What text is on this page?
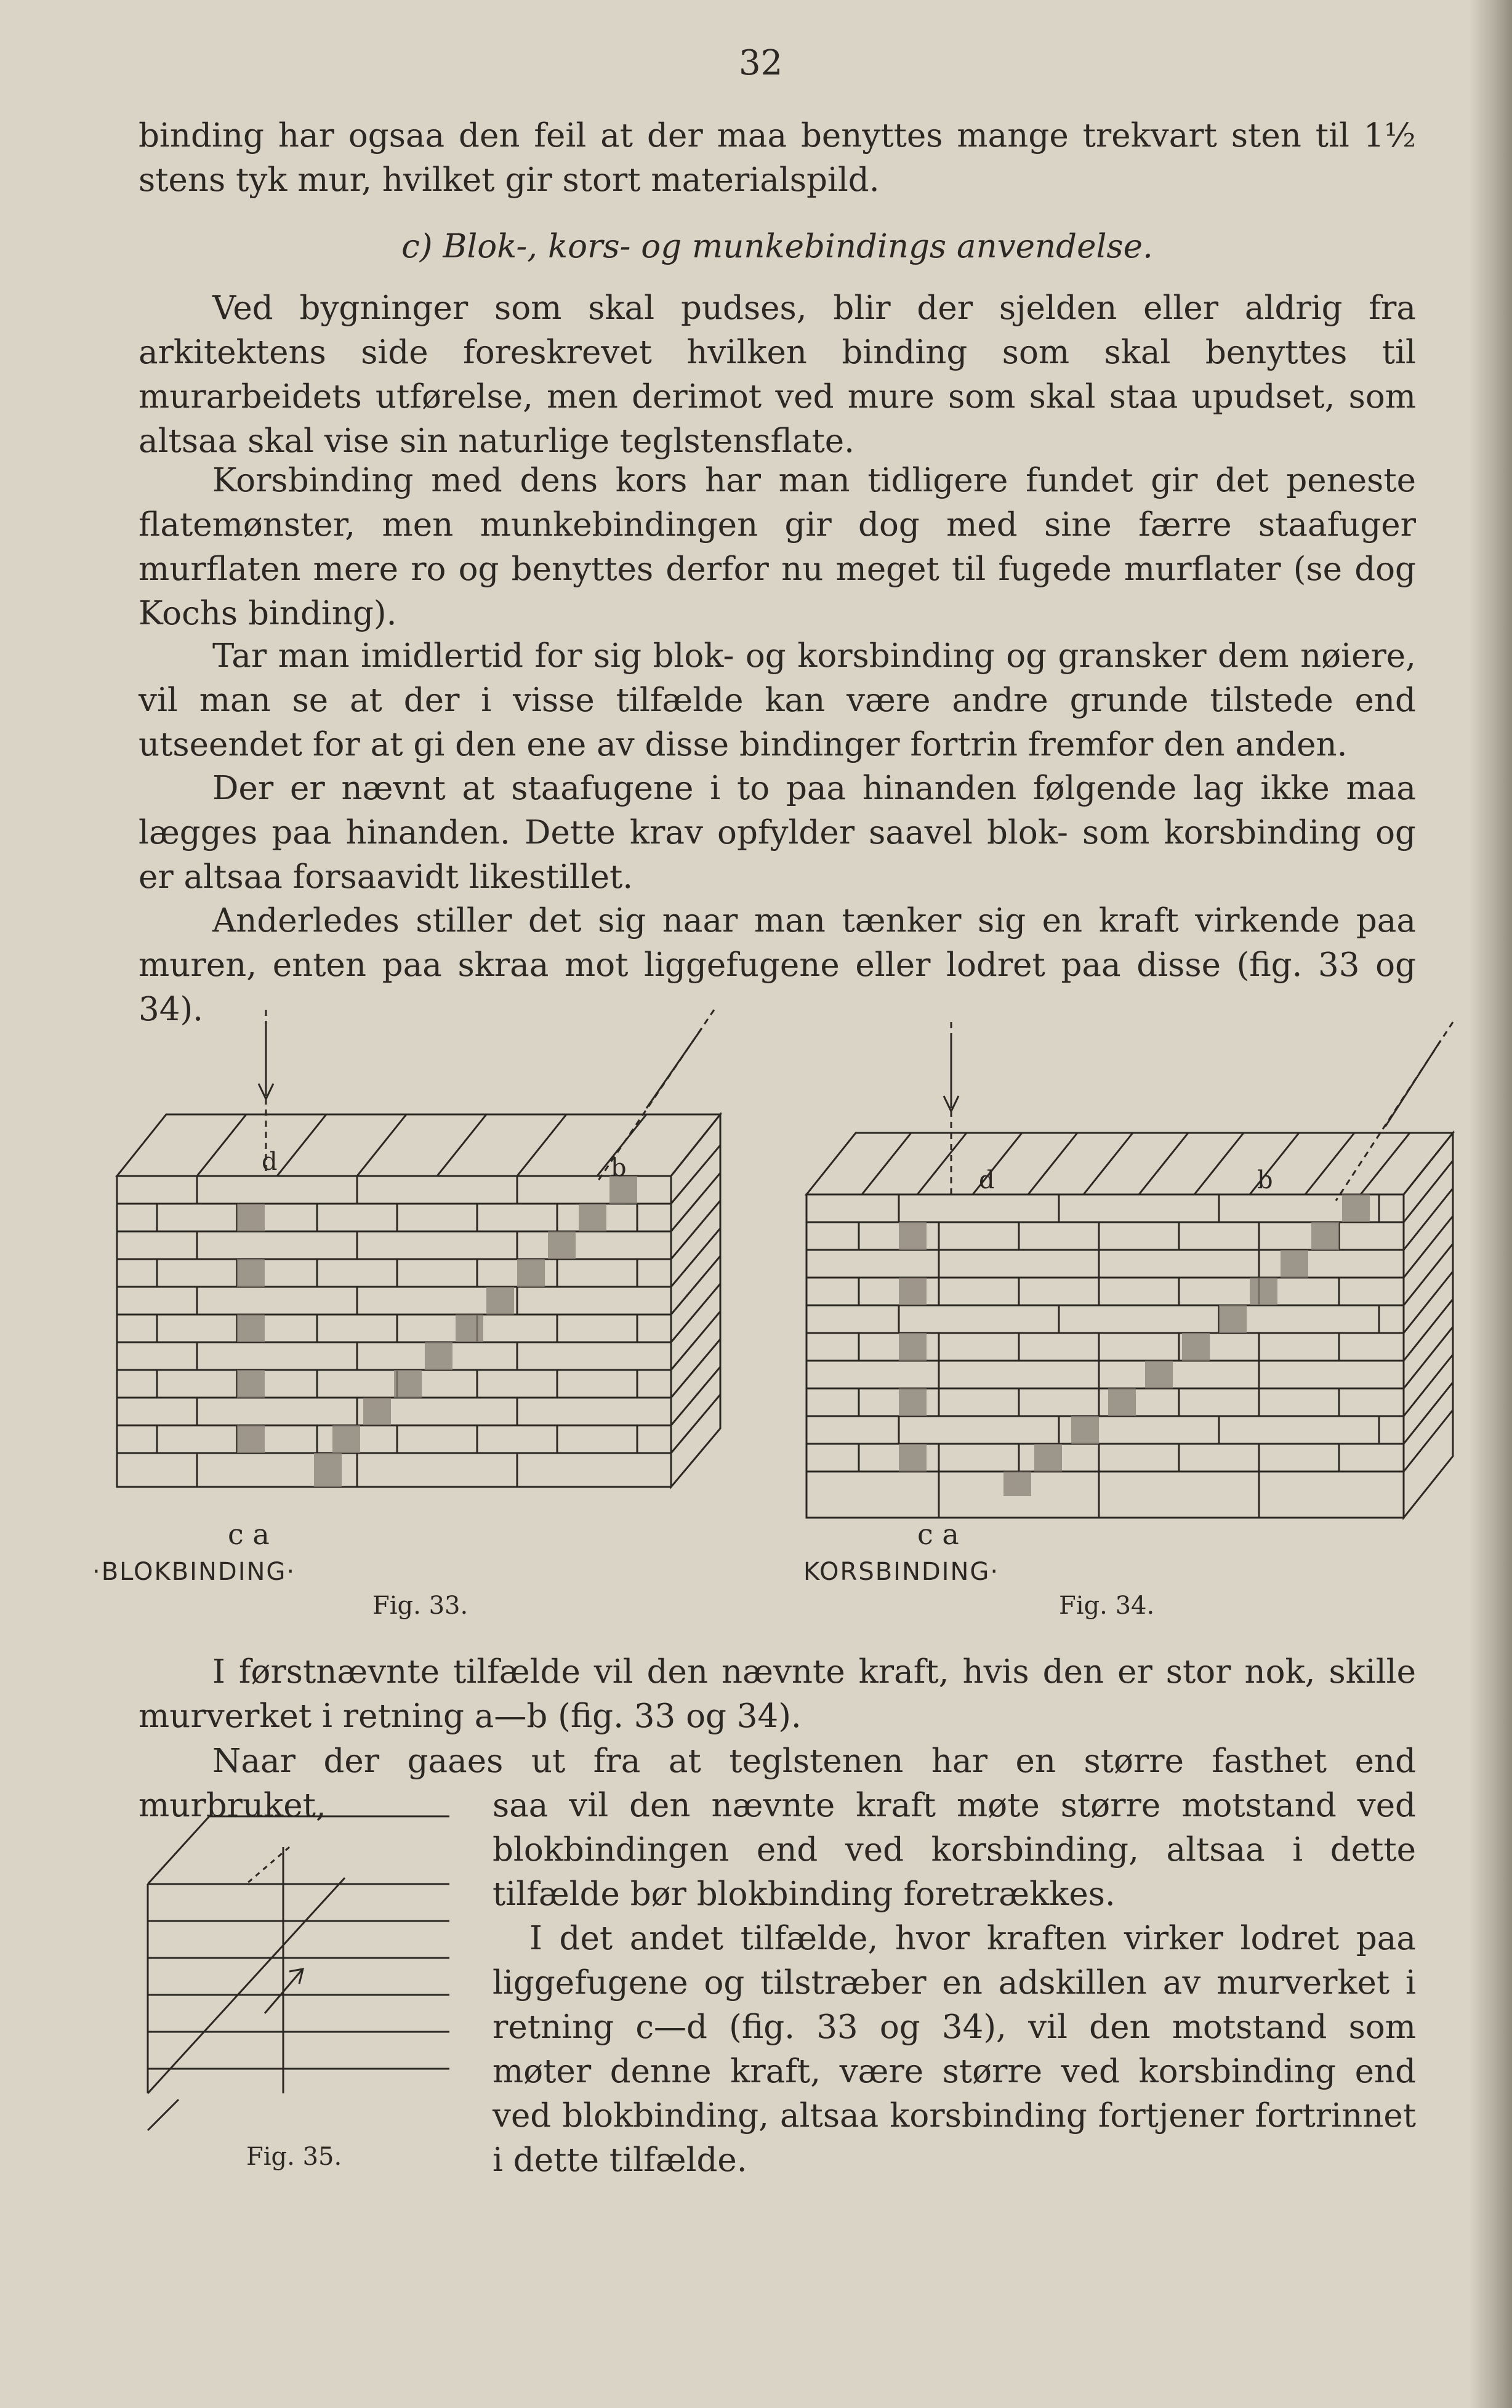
32

binding har ogsaa den feil at der maa benyttes mange trekvart sten til 1½ stens tyk mur, hvilket gir stort materialspild.

c) Blok-, kors- og munkebindings anvendelse.

Ved bygninger som skal pudses, blir der sjelden eller aldrig fra arkitektens side foreskrevet hvilken binding som skal benyttes til murarbeidets utførelse, men derimot ved mure som skal staa upudset, som altsaa skal vise sin naturlige teglstensflate.

Korsbinding med dens kors har man tidligere fundet gir det peneste flatemønster, men munkebindingen gir dog med sine færre staafuger murflaten mere ro og benyttes derfor nu meget til fugede murflater (se dog Kochs binding).

Tar man imidlertid for sig blok- og korsbinding og gransker dem nøiere, vil man se at der i visse tilfælde kan være andre grunde tilstede end utseendet for at gi den ene av disse bindinger fortrin fremfor den anden.

Der er nævnt at staafugene i to paa hinanden følgende lag ikke maa lægges paa hinanden. Dette krav opfylder saavel blok- som korsbinding og er altsaa forsaavidt likestillet.

Anderledes stiller det sig naar man tænker sig en kraft virkende paa muren, enten paa skraa mot liggefugene eller lodret paa disse (fig. 33 og 34).

d	b
c a
·BLOKBINDING·
Fig. 33.
d	b
c a
KORSBINDING·
Fig. 34.

I førstnævnte tilfælde vil den nævnte kraft, hvis den er stor nok, skille murverket i retning a—b (fig. 33 og 34).

Naar der gaaes ut fra at teglstenen har en større fasthet end murbruket,	saa vil den nævnte kraft møte større motstand ved blokbindingen end ved korsbinding, altsaa i dette tilfælde bør blokbinding foretrækkes.

I det andet tilfælde, hvor kraften virker lodret paa liggefugene og tilstræber en adskillen av murverket i retning c—d (fig. 33 og 34), vil den motstand som møter denne kraft, være større ved korsbinding end ved blokbinding, altsaa korsbinding fortjener fortrinnet i dette tilfælde.

Fig. 35.
